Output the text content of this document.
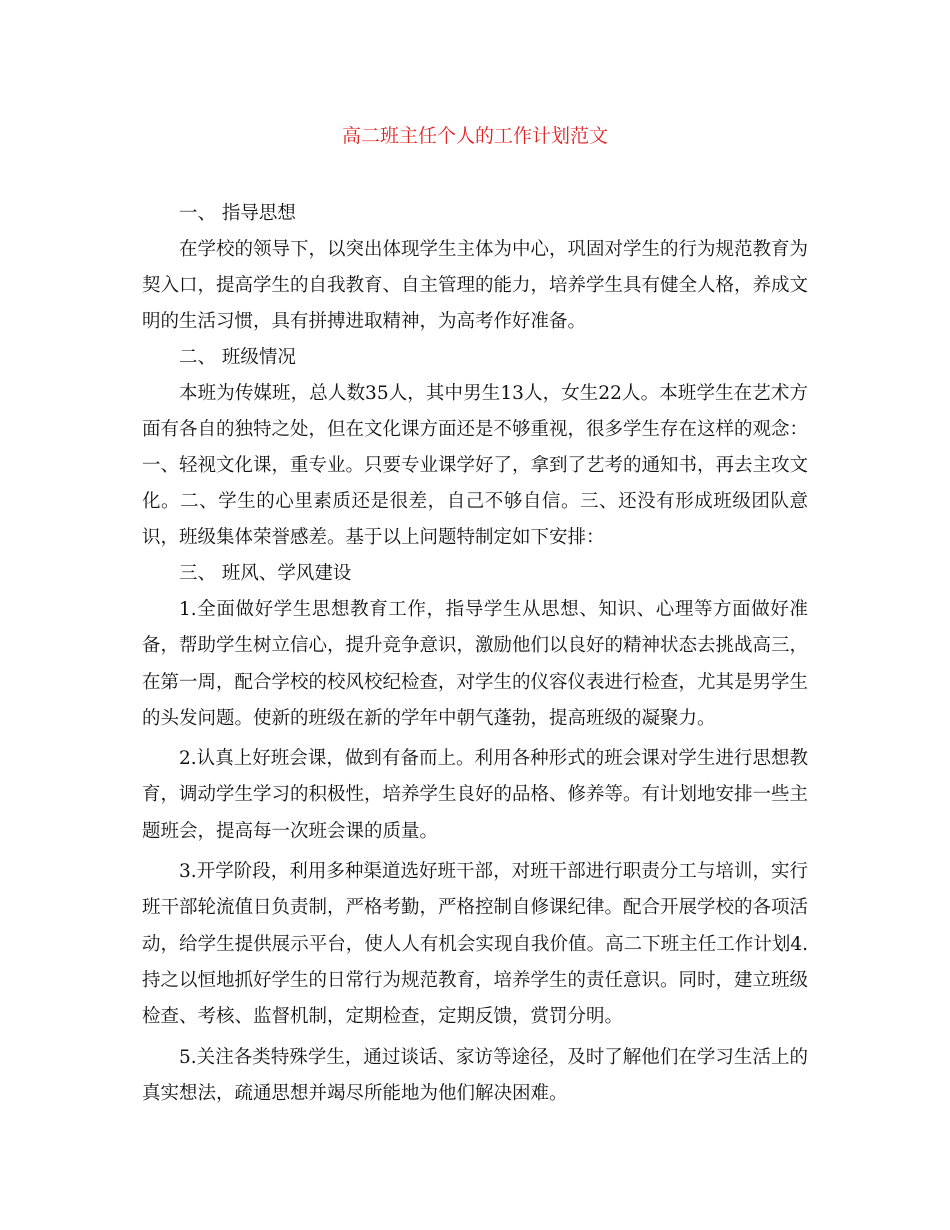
高二班主任个人的工作计划范文

一、 指导思想

在学校的领导下，以突出体现学生主体为中心，巩固对学生的行为规范教育为契入口，提高学生的自我教育、自主管理的能力，培养学生具有健全人格，养成文明的生活习惯，具有拼搏进取精神，为高考作好准备。

二、 班级情况

本班为传媒班，总人数35人，其中男生13人，女生22人。本班学生在艺术方面有各自的独特之处，但在文化课方面还是不够重视，很多学生存在这样的观念：一、轻视文化课，重专业。只要专业课学好了，拿到了艺考的通知书，再去主攻文化。二、学生的心里素质还是很差，自己不够自信。三、还没有形成班级团队意识，班级集体荣誉感差。基于以上问题特制定如下安排：

三、 班风、学风建设

1.全面做好学生思想教育工作，指导学生从思想、知识、心理等方面做好准备，帮助学生树立信心，提升竞争意识，激励他们以良好的精神状态去挑战高三，在第一周，配合学校的校风校纪检查，对学生的仪容仪表进行检查，尤其是男学生的头发问题。使新的班级在新的学年中朝气蓬勃，提高班级的凝聚力。

2.认真上好班会课，做到有备而上。利用各种形式的班会课对学生进行思想教育，调动学生学习的积极性，培养学生良好的品格、修养等。有计划地安排一些主题班会，提高每一次班会课的质量。

3.开学阶段，利用多种渠道选好班干部，对班干部进行职责分工与培训，实行班干部轮流值日负责制，严格考勤，严格控制自修课纪律。配合开展学校的各项活动，给学生提供展示平台，使人人有机会实现自我价值。高二下班主任工作计划4.持之以恒地抓好学生的日常行为规范教育，培养学生的责任意识。同时，建立班级检查、考核、监督机制，定期检查，定期反馈，赏罚分明。

5.关注各类特殊学生，通过谈话、家访等途径，及时了解他们在学习生活上的真实想法，疏通思想并竭尽所能地为他们解决困难。
